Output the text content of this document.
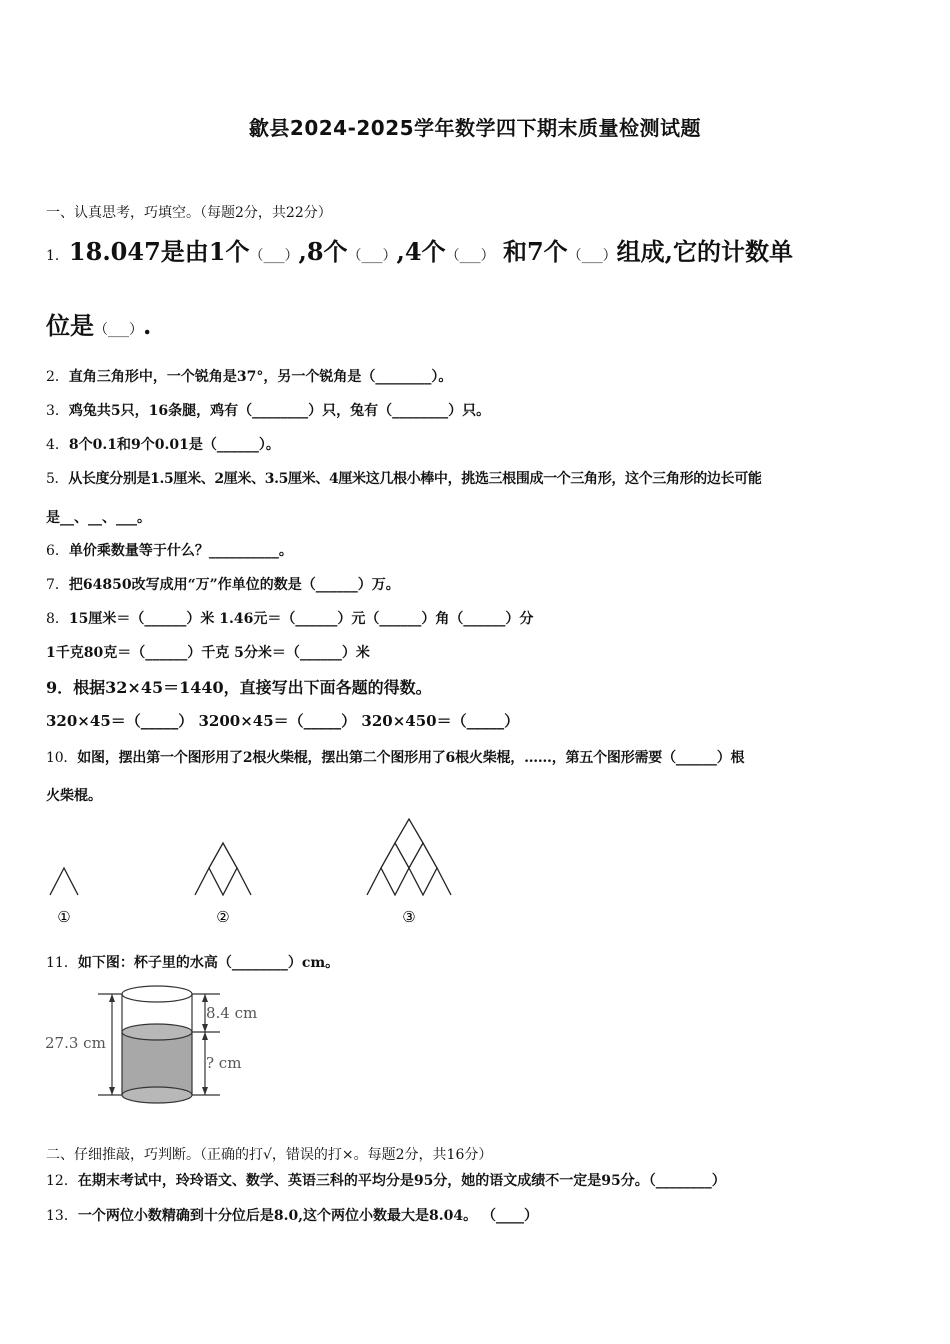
歙县2024-2025学年数学四下期末质量检测试题
一、认真思考，巧填空。（每题2分，共22分）
1．18.047是由1个（___）,8个（___）,4个（___） 和7个（___）组成,它的计数单
位是（___）.
2．直角三角形中，一个锐角是37°，另一个锐角是（________）。
3．鸡兔共5只，16条腿，鸡有（________）只，兔有（________）只。
4．8个0.1和9个0.01是（______）。
5．从长度分别是1.5厘米、2厘米、3.5厘米、4厘米这几根小棒中，挑选三根围成一个三角形，这个三角形的边长可能
是__、__、___。
6．单价乘数量等于什么？__________。
7．把64850改写成用“万”作单位的数是（______）万。
8．15厘米＝（______）米 1.46元＝（______）元（______）角（______）分
1千克80克＝（______）千克 5分米＝（______）米
9．根据32×45＝1440，直接写出下面各题的得数。
320×45＝（_____） 3200×45＝（_____） 320×450＝（_____）
10．如图，摆出第一个图形用了2根火柴棍，摆出第二个图形用了6根火柴棍，……，第五个图形需要（______）根
火柴棍。
①	②	③
11．如下图：杯子里的水高（________）cm。
27.3 cm
8.4 cm
? cm
二、仔细推敲，巧判断。（正确的打√，错误的打×。每题2分，共16分）
12．在期末考试中，玲玲语文、数学、英语三科的平均分是95分，她的语文成绩不一定是95分。（________）
13．一个两位小数精确到十分位后是8.0,这个两位小数最大是8.04。 （____）
